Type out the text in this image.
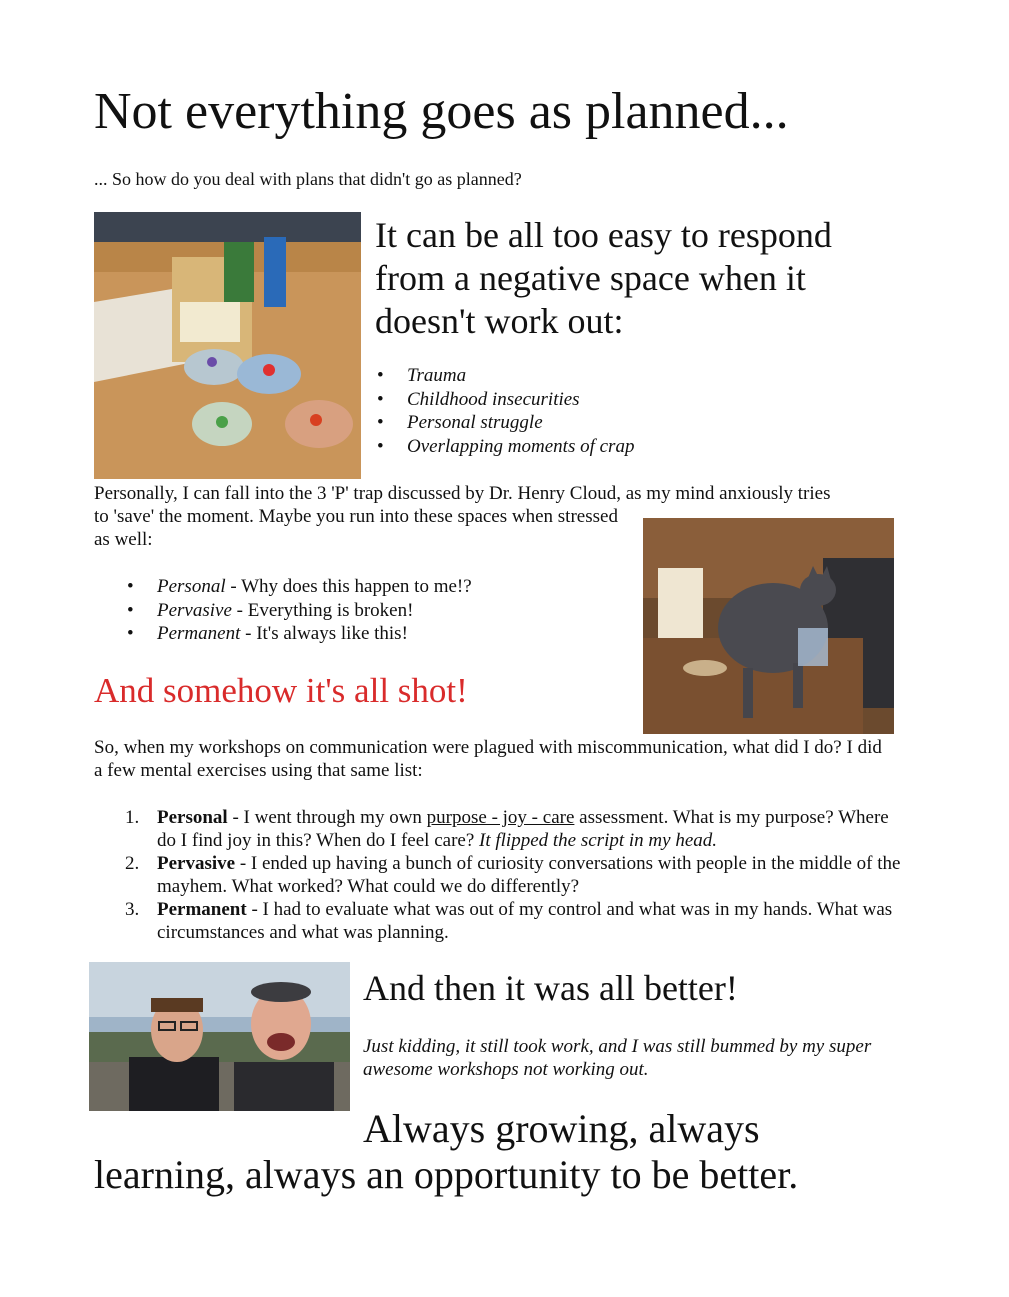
Not everything goes as planned...

... So how do you deal with plans that didn't go as planned?

It can be all too easy to respond from a negative space when it doesn't work out:
• Trauma
• Childhood insecurities
• Personal struggle
• Overlapping moments of crap

Personally, I can fall into the 3 'P' trap discussed by Dr. Henry Cloud, as my mind anxiously tries

to 'save' the moment. Maybe you run into these spaces when stressed as well:

• Personal - Why does this happen to me!?
• Pervasive - Everything is broken!
• Permanent - It's always like this!
And somehow it's all shot!

So, when my workshops on communication were plagued with miscommunication, what did I do? I did a few mental exercises using that same list:

1. Personal - I went through my own purpose - joy - care assessment. What is my purpose? Where do I find joy in this? When do I feel care? It flipped the script in my head.
2. Pervasive - I ended up having a bunch of curiosity conversations with people in the middle of the mayhem. What worked? What could we do differently?
3. Permanent - I had to evaluate what was out of my control and what was in my hands. What was circumstances and what was planning.
And then it was all better!

Just kidding, it still took work, and I was still bummed by my super awesome workshops not working out.

Always growing, always
learning, always an opportunity to be better.
